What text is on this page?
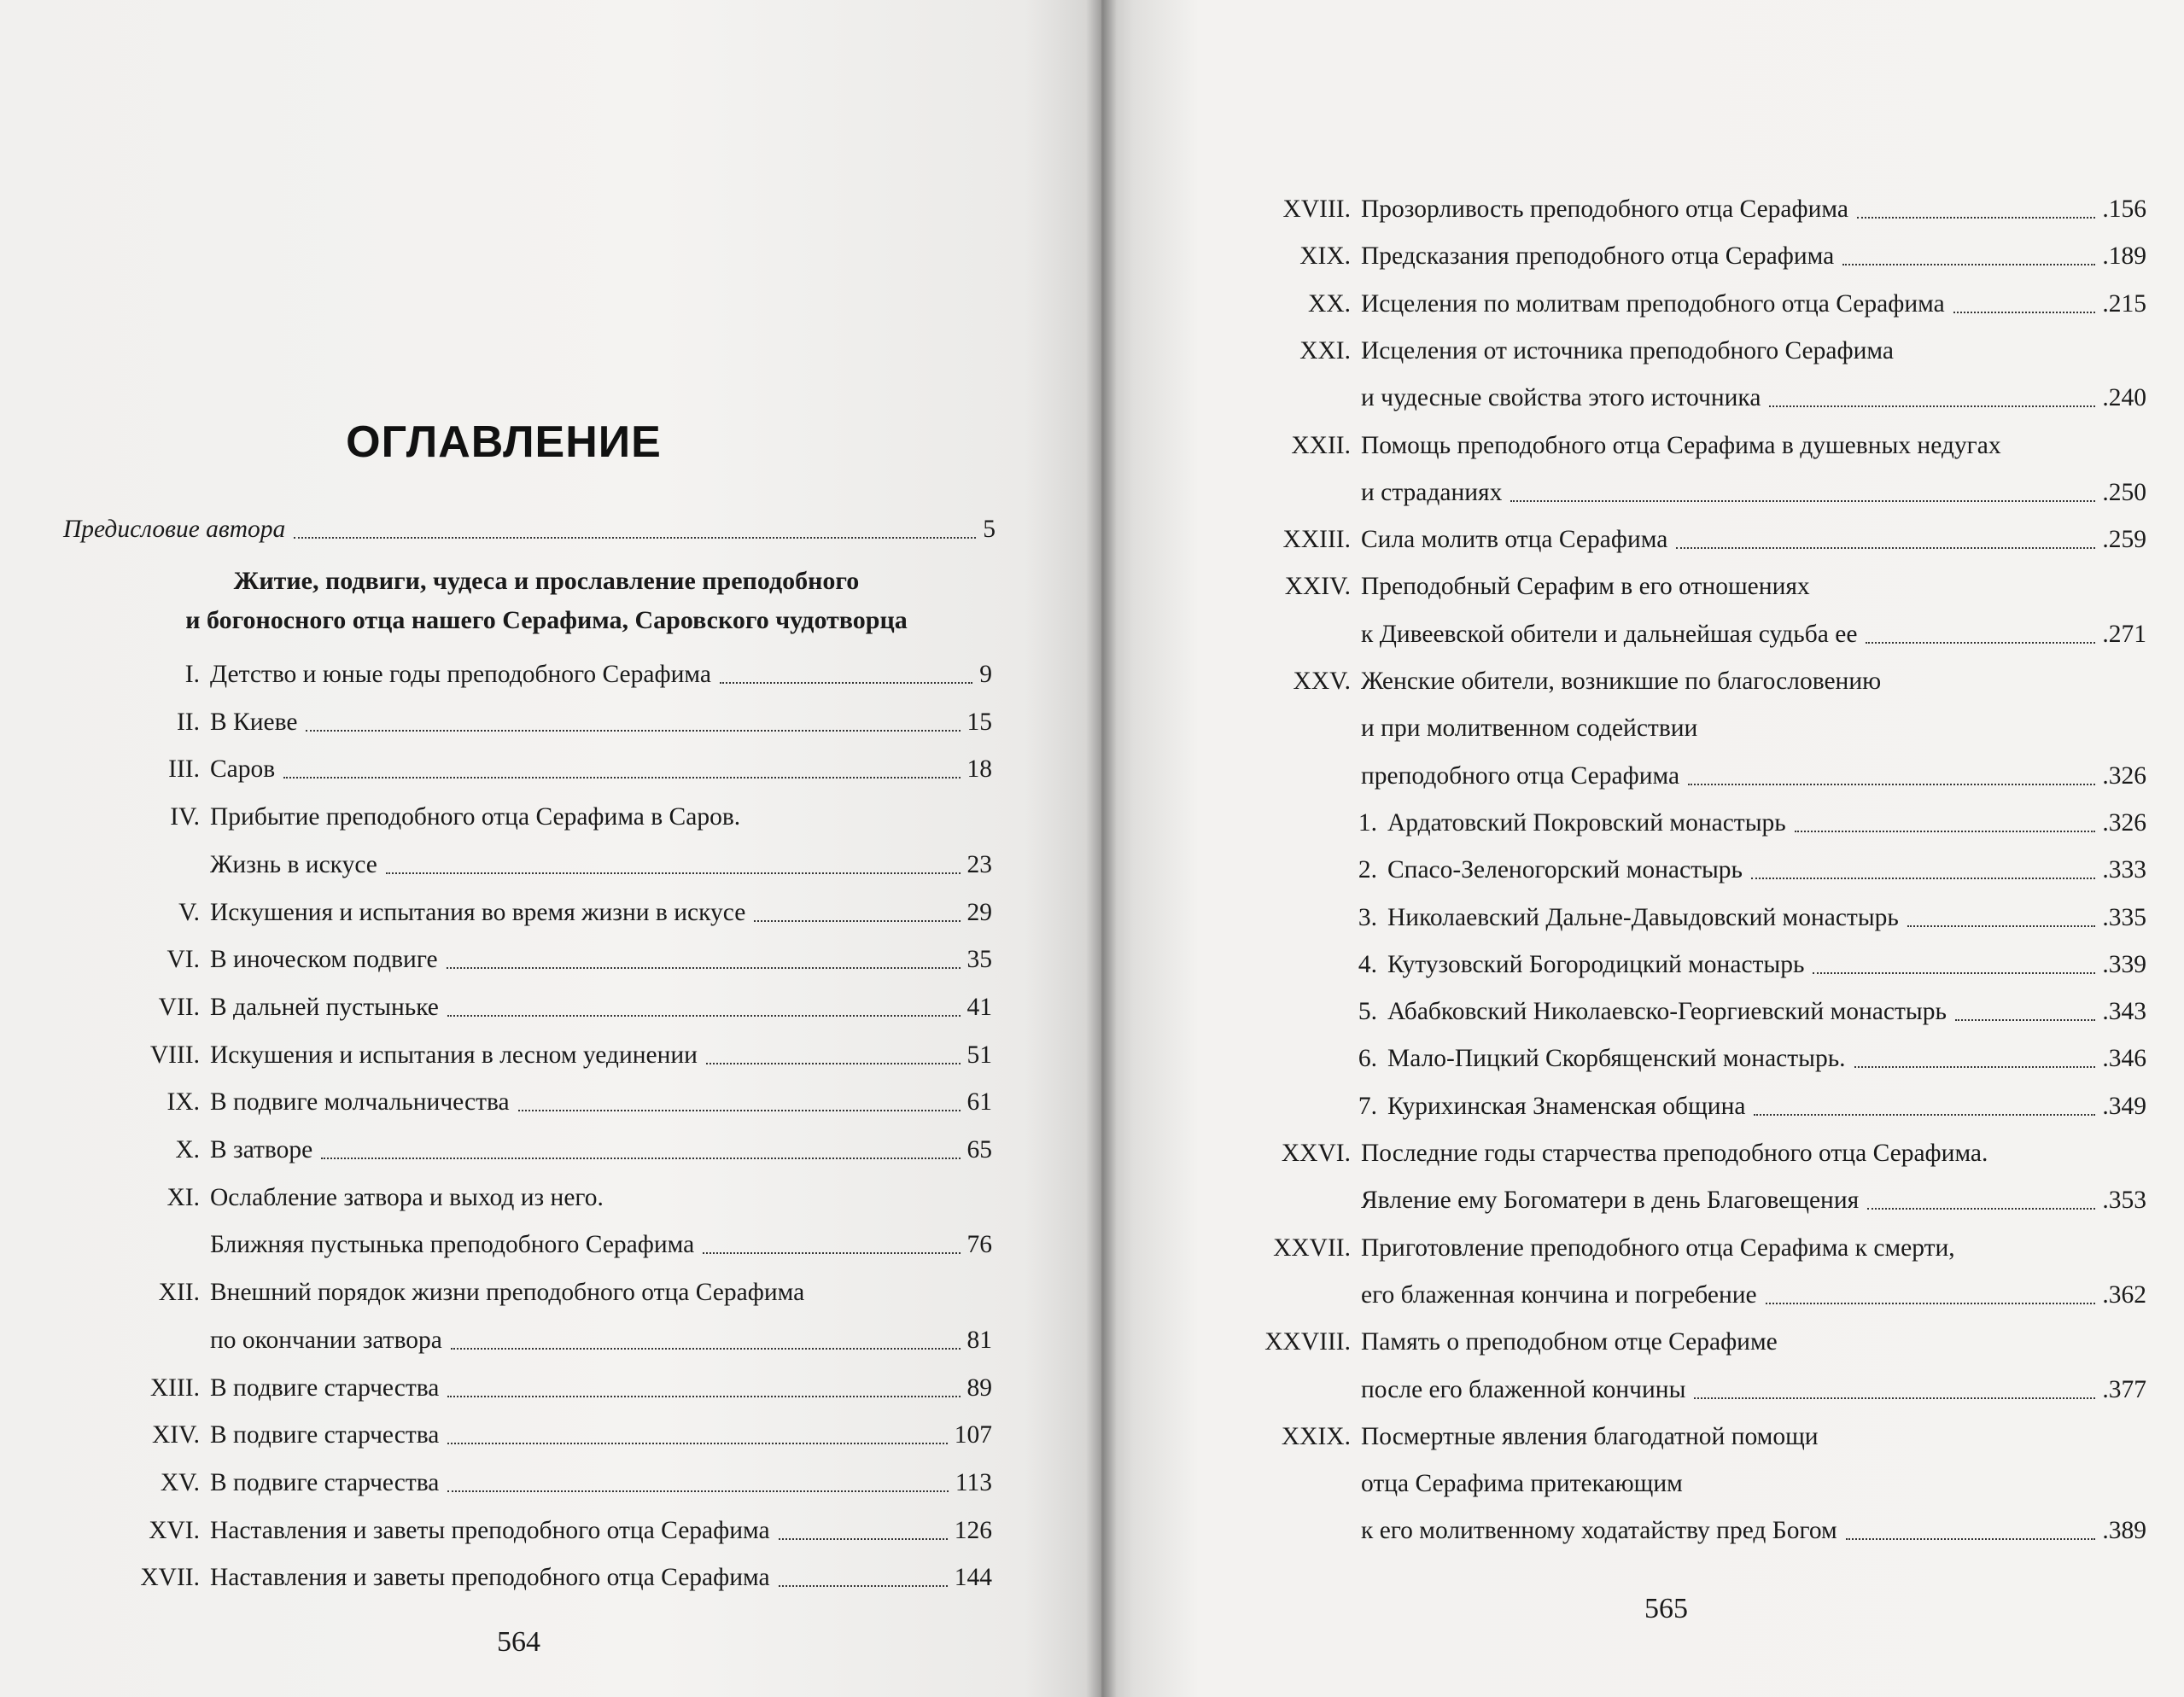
ОГЛАВЛЕНИЕ
Предисловие автора	5
Житие, подвиги, чудеса и прославление преподобного
и богоносного отца нашего Серафима, Саровского чудотворца
I. Детство и юные годы преподобного Серафима	9
II. В Киеве	15
III. Саров	18
IV. Прибытие преподобного отца Серафима в Саров.
Жизнь в искусе	23
V. Искушения и испытания во время жизни в искусе	29
VI. В иноческом подвиге	35
VII. В дальней пустыньке	41
VIII. Искушения и испытания в лесном уединении	51
IX. В подвиге молчальничества	61
X. В затворе	65
XI. Ослабление затвора и выход из него.
Ближняя пустынька преподобного Серафима	76
XII. Внешний порядок жизни преподобного отца Серафима
по окончании затвора	81
XIII. В подвиге старчества	89
XIV. В подвиге старчества	107
XV. В подвиге старчества	113
XVI. Наставления и заветы преподобного отца Серафима	126
XVII. Наставления и заветы преподобного отца Серафима	144
XVIII. Прозорливость преподобного отца Серафима	.156
XIX. Предсказания преподобного отца Серафима	.189
XX. Исцеления по молитвам преподобного отца Серафима	.215
XXI. Исцеления от источника преподобного Серафима
и чудесные свойства этого источника	.240
XXII. Помощь преподобного отца Серафима в душевных недугах
и страданиях	.250
XXIII. Сила молитв отца Серафима	.259
XXIV. Преподобный Серафим в его отношениях
к Дивеевской обители и дальнейшая судьба ее	.271
XXV. Женские обители, возникшие по благословению
и при молитвенном содействии
преподобного отца Серафима	.326
1. Ардатовский Покровский монастырь	.326
2. Спасо-Зеленогорский монастырь	.333
3. Николаевский Дальне-Давыдовский монастырь	.335
4. Кутузовский Богородицкий монастырь	.339
5. Абабковский Николаевско-Георгиевский монастырь	.343
6. Мало-Пицкий Скорбященский монастырь.	.346
7. Курихинская Знаменская община	.349
XXVI. Последние годы старчества преподобного отца Серафима.
Явление ему Богоматери в день Благовещения	.353
XXVII. Приготовление преподобного отца Серафима к смерти,
его блаженная кончина и погребение	.362
XXVIII. Память о преподобном отце Серафиме
после его блаженной кончины	.377
XXIX. Посмертные явления благодатной помощи
отца Серафима притекающим
к его молитвенному ходатайству пред Богом	.389
564
565
